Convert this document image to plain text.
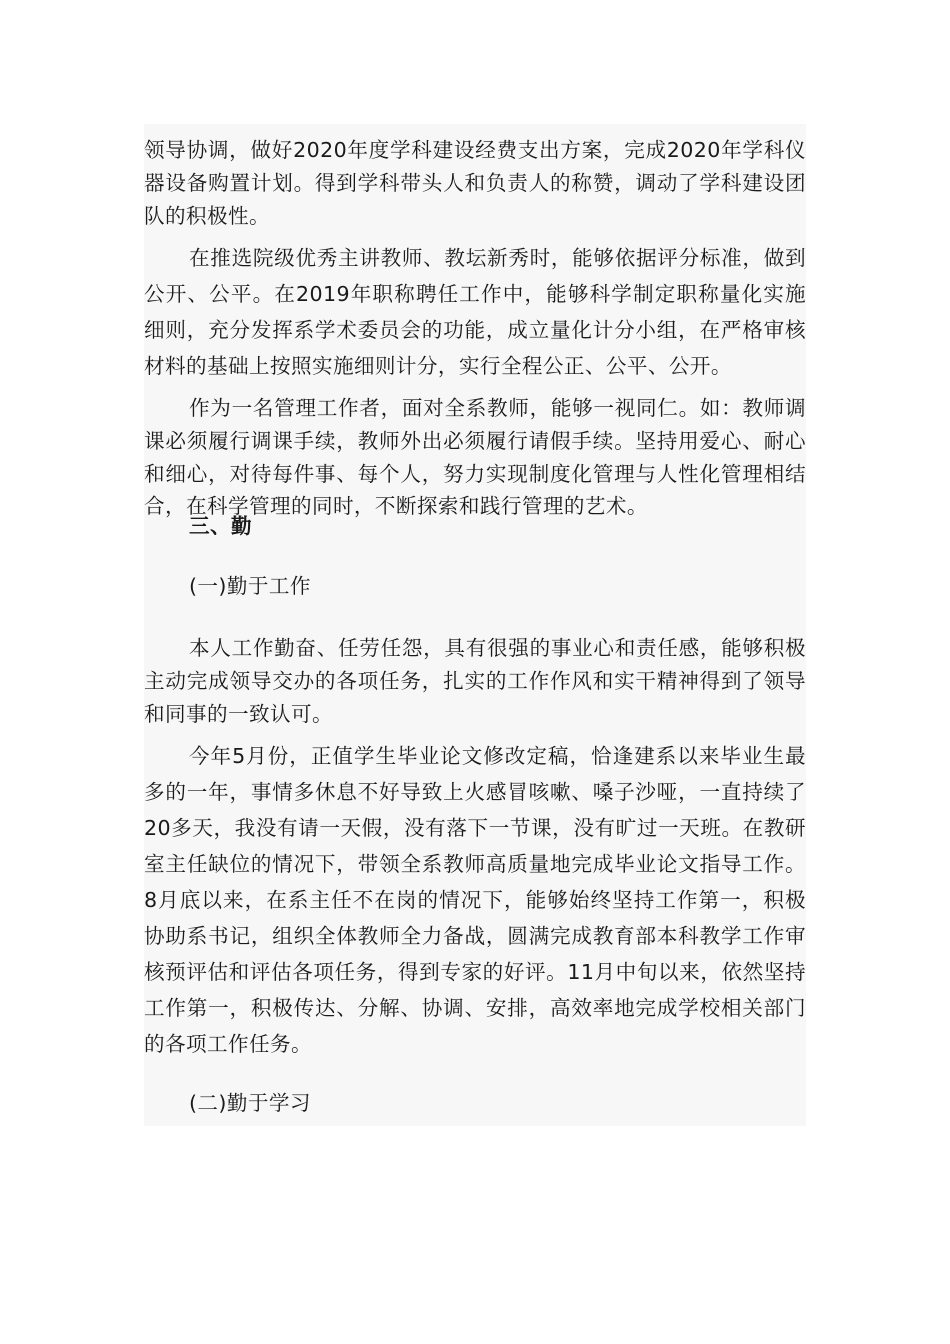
领导协调，做好2020年度学科建设经费支出方案，完成2020年学科仪器设备购置计划。得到学科带头人和负责人的称赞，调动了学科建设团队的积极性。

在推选院级优秀主讲教师、教坛新秀时，能够依据评分标准，做到公开、公平。在2019年职称聘任工作中，能够科学制定职称量化实施细则，充分发挥系学术委员会的功能，成立量化计分小组，在严格审核材料的基础上按照实施细则计分，实行全程公正、公平、公开。

作为一名管理工作者，面对全系教师，能够一视同仁。如：教师调课必须履行调课手续，教师外出必须履行请假手续。坚持用爱心、耐心和细心，对待每件事、每个人，努力实现制度化管理与人性化管理相结合，在科学管理的同时，不断探索和践行管理的艺术。

三、勤

(一)勤于工作

本人工作勤奋、任劳任怨，具有很强的事业心和责任感，能够积极主动完成领导交办的各项任务，扎实的工作作风和实干精神得到了领导和同事的一致认可。

今年5月份，正值学生毕业论文修改定稿，恰逢建系以来毕业生最多的一年，事情多休息不好导致上火感冒咳嗽、嗓子沙哑，一直持续了20多天，我没有请一天假，没有落下一节课，没有旷过一天班。在教研室主任缺位的情况下，带领全系教师高质量地完成毕业论文指导工作。8月底以来，在系主任不在岗的情况下，能够始终坚持工作第一，积极协助系书记，组织全体教师全力备战，圆满完成教育部本科教学工作审核预评估和评估各项任务，得到专家的好评。11月中旬以来，依然坚持工作第一，积极传达、分解、协调、安排，高效率地完成学校相关部门的各项工作任务。

(二)勤于学习
